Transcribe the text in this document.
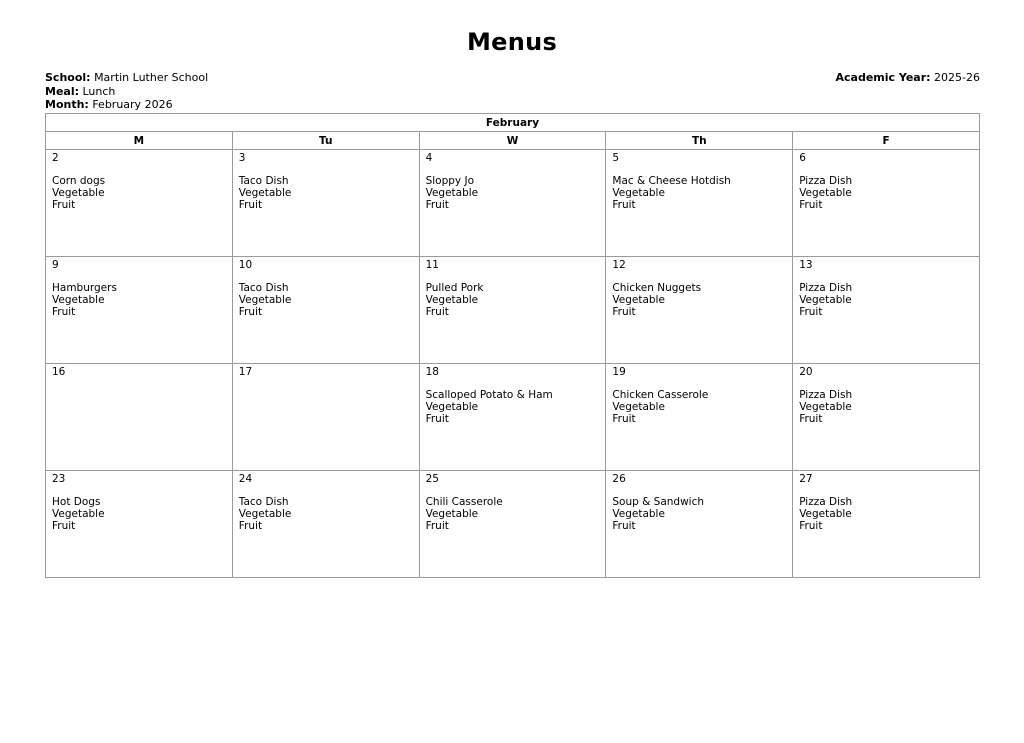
Menus
School: Martin Luther School
Meal: Lunch
Month: February 2026
Academic Year: 2025-26
February				
M	Tu	W	Th	F

2
Corn dogs
Vegetable
Fruit	3
Taco Dish
Vegetable
Fruit	4
Sloppy Jo
Vegetable
Fruit	5
Mac & Cheese Hotdish
Vegetable
Fruit	6
Pizza Dish
Vegetable
Fruit

9
Hamburgers
Vegetable
Fruit	10
Taco Dish
Vegetable
Fruit	11
Pulled Pork
Vegetable
Fruit	12
Chicken Nuggets
Vegetable
Fruit	13
Pizza Dish
Vegetable
Fruit

16	17	18
Scalloped Potato & Ham
Vegetable
Fruit	19
Chicken Casserole
Vegetable
Fruit	20
Pizza Dish
Vegetable
Fruit

23
Hot Dogs
Vegetable
Fruit	24
Taco Dish
Vegetable
Fruit	25
Chili Casserole
Vegetable
Fruit	26
Soup & Sandwich
Vegetable
Fruit	27
Pizza Dish
Vegetable
Fruit
